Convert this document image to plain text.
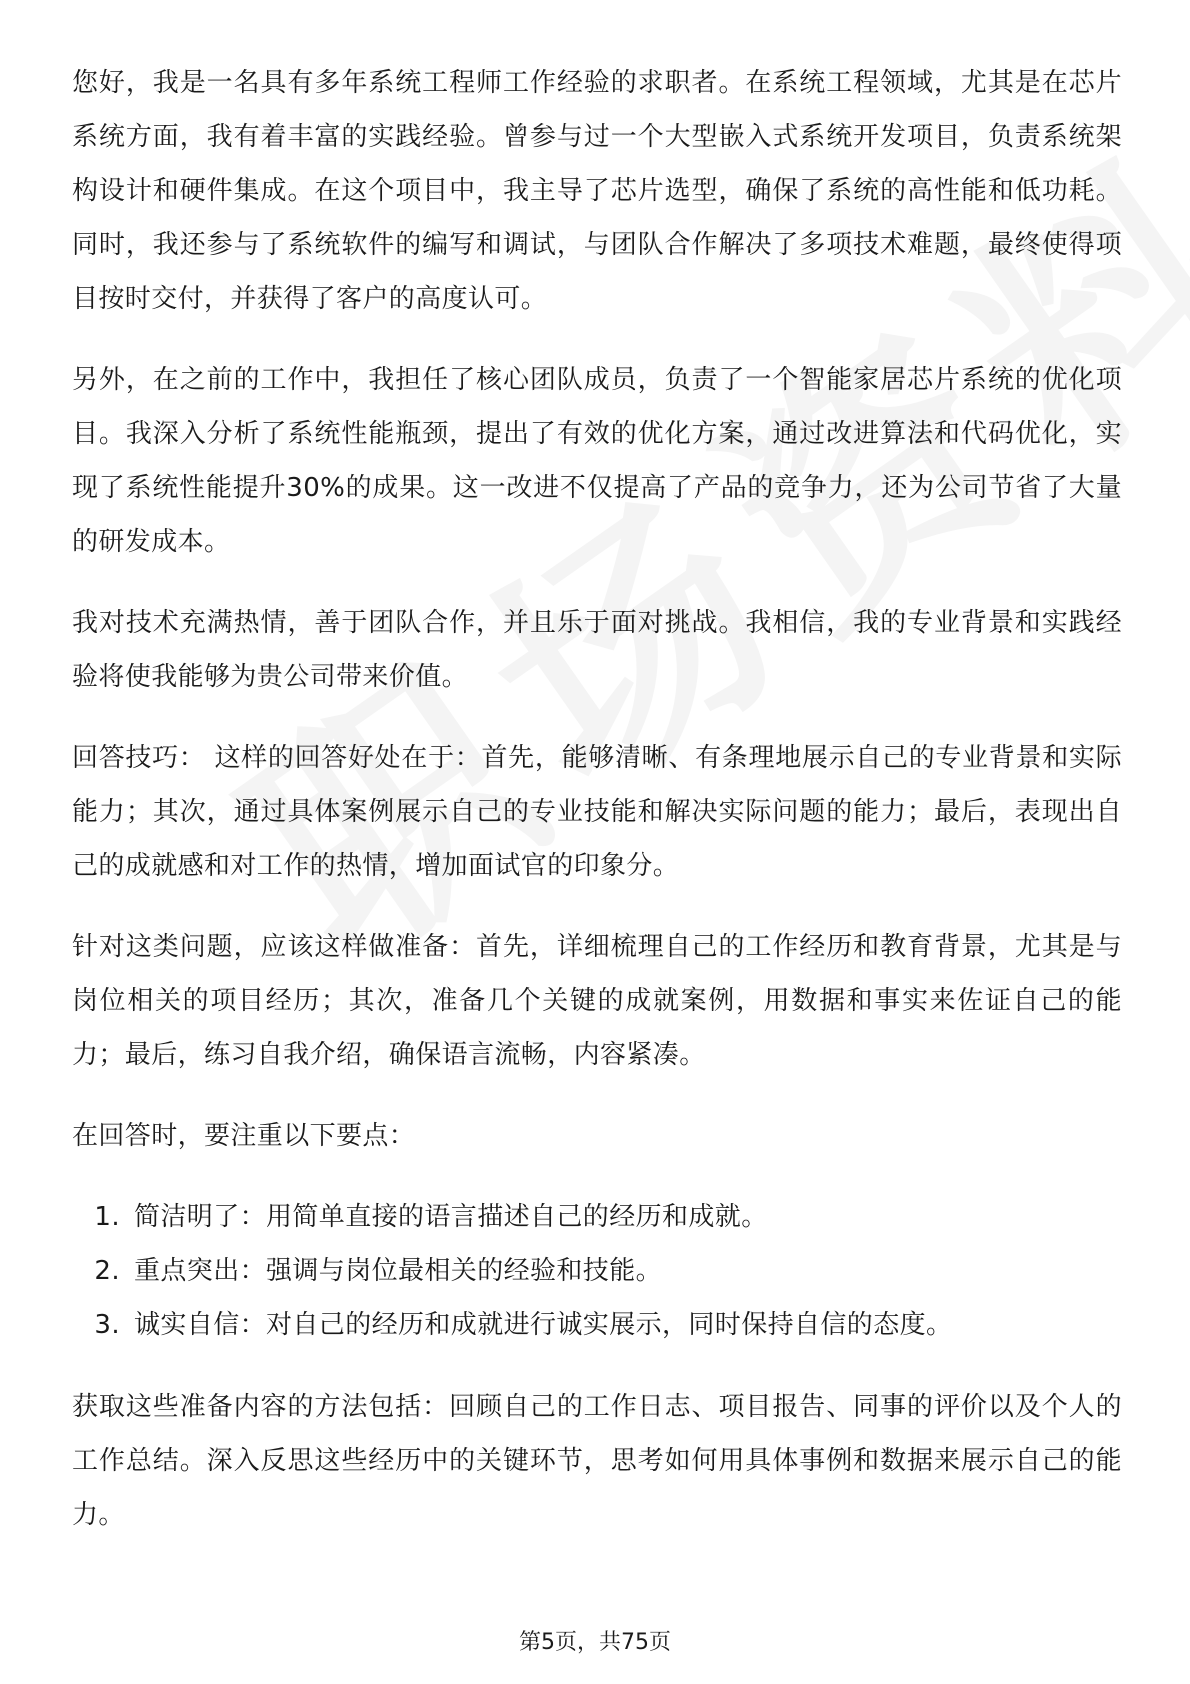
您好，我是一名具有多年系统工程师工作经验的求职者。在系统工程领域，尤其是在芯片系统方面，我有着丰富的实践经验。曾参与过一个大型嵌入式系统开发项目，负责系统架构设计和硬件集成。在这个项目中，我主导了芯片选型，确保了系统的高性能和低功耗。同时，我还参与了系统软件的编写和调试，与团队合作解决了多项技术难题，最终使得项目按时交付，并获得了客户的高度认可。

另外，在之前的工作中，我担任了核心团队成员，负责了一个智能家居芯片系统的优化项目。我深入分析了系统性能瓶颈，提出了有效的优化方案，通过改进算法和代码优化，实现了系统性能提升30%的成果。这一改进不仅提高了产品的竞争力，还为公司节省了大量的研发成本。

我对技术充满热情，善于团队合作，并且乐于面对挑战。我相信，我的专业背景和实践经验将使我能够为贵公司带来价值。

回答技巧： 这样的回答好处在于：首先，能够清晰、有条理地展示自己的专业背景和实际能力；其次，通过具体案例展示自己的专业技能和解决实际问题的能力；最后，表现出自己的成就感和对工作的热情，增加面试官的印象分。

针对这类问题，应该这样做准备：首先，详细梳理自己的工作经历和教育背景，尤其是与岗位相关的项目经历；其次，准备几个关键的成就案例，用数据和事实来佐证自己的能力；最后，练习自我介绍，确保语言流畅，内容紧凑。

在回答时，要注重以下要点：

1. 简洁明了：用简单直接的语言描述自己的经历和成就。
2. 重点突出：强调与岗位最相关的经验和技能。
3. 诚实自信：对自己的经历和成就进行诚实展示，同时保持自信的态度。

获取这些准备内容的方法包括：回顾自己的工作日志、项目报告、同事的评价以及个人的工作总结。深入反思这些经历中的关键环节，思考如何用具体事例和数据来展示自己的能力。

第5页，共75页
